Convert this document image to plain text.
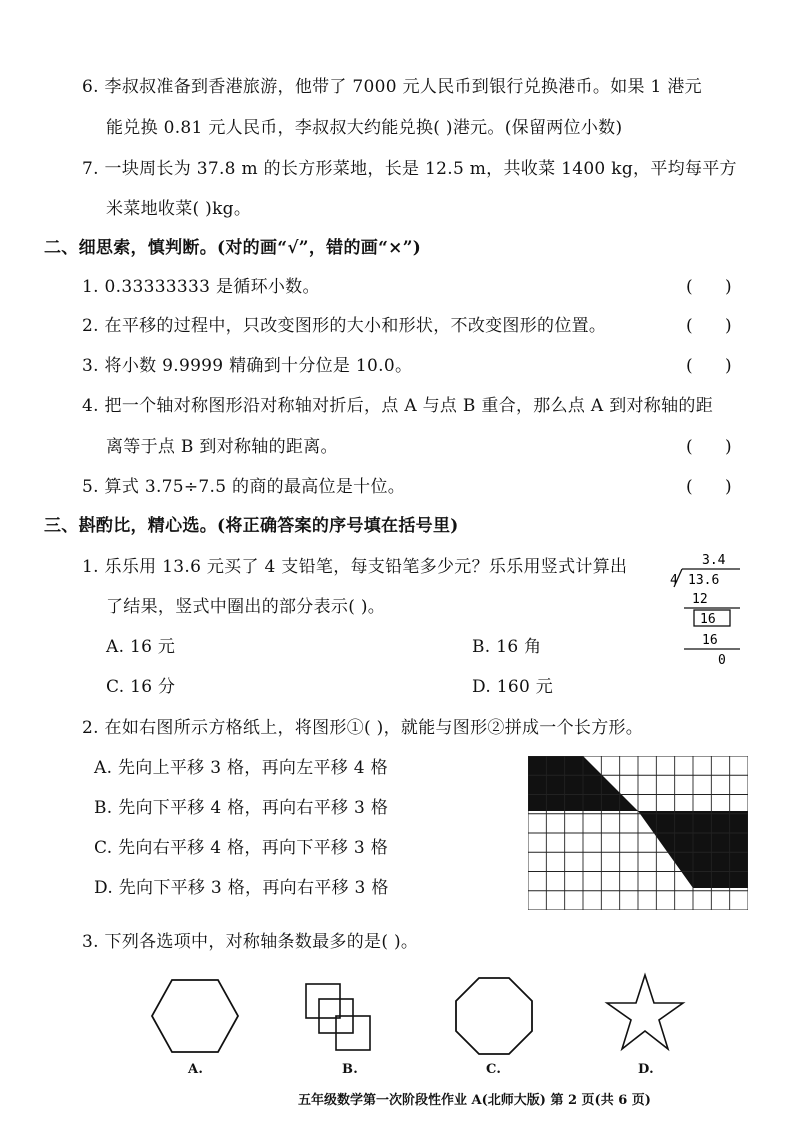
6. 李叔叔准备到香港旅游，他带了 7000 元人民币到银行兑换港币。如果 1 港元
能兑换 0.81 元人民币，李叔叔大约能兑换( )港元。(保留两位小数)
7. 一块周长为 37.8 m 的长方形菜地，长是 12.5 m，共收菜 1400 kg，平均每平方
米菜地收菜( )kg。
二、细思索，慎判断。(对的画“√”，错的画“×”)
1. 0.33333333 是循环小数。	(      )
2. 在平移的过程中，只改变图形的大小和形状，不改变图形的位置。	(      )
3. 将小数 9.9999 精确到十分位是 10.0。	(      )
4. 把一个轴对称图形沿对称轴对折后，点 A 与点 B 重合，那么点 A 到对称轴的距
离等于点 B 到对称轴的距离。	(      )
5. 算式 3.75÷7.5 的商的最高位是十位。	(      )
三、斟酌比，精心选。(将正确答案的序号填在括号里)
1. 乐乐用 13.6 元买了 4 支铅笔，每支铅笔多少元？乐乐用竖式计算出
了结果，竖式中圈出的部分表示( )。
A. 16 元	B. 16 角
C. 16 分	D. 160 元
3.4
4 13.6
12
16
16
0
2. 在如右图所示方格纸上，将图形①( )，就能与图形②拼成一个长方形。
A. 先向上平移 3 格，再向左平移 4 格
B. 先向下平移 4 格，再向右平移 3 格
C. 先向右平移 4 格，再向下平移 3 格
D. 先向下平移 3 格，再向右平移 3 格
3. 下列各选项中，对称轴条数最多的是( )。
A.	B.	C.	D.
五年级数学第一次阶段性作业 A(北师大版) 第 2 页(共 6 页)
